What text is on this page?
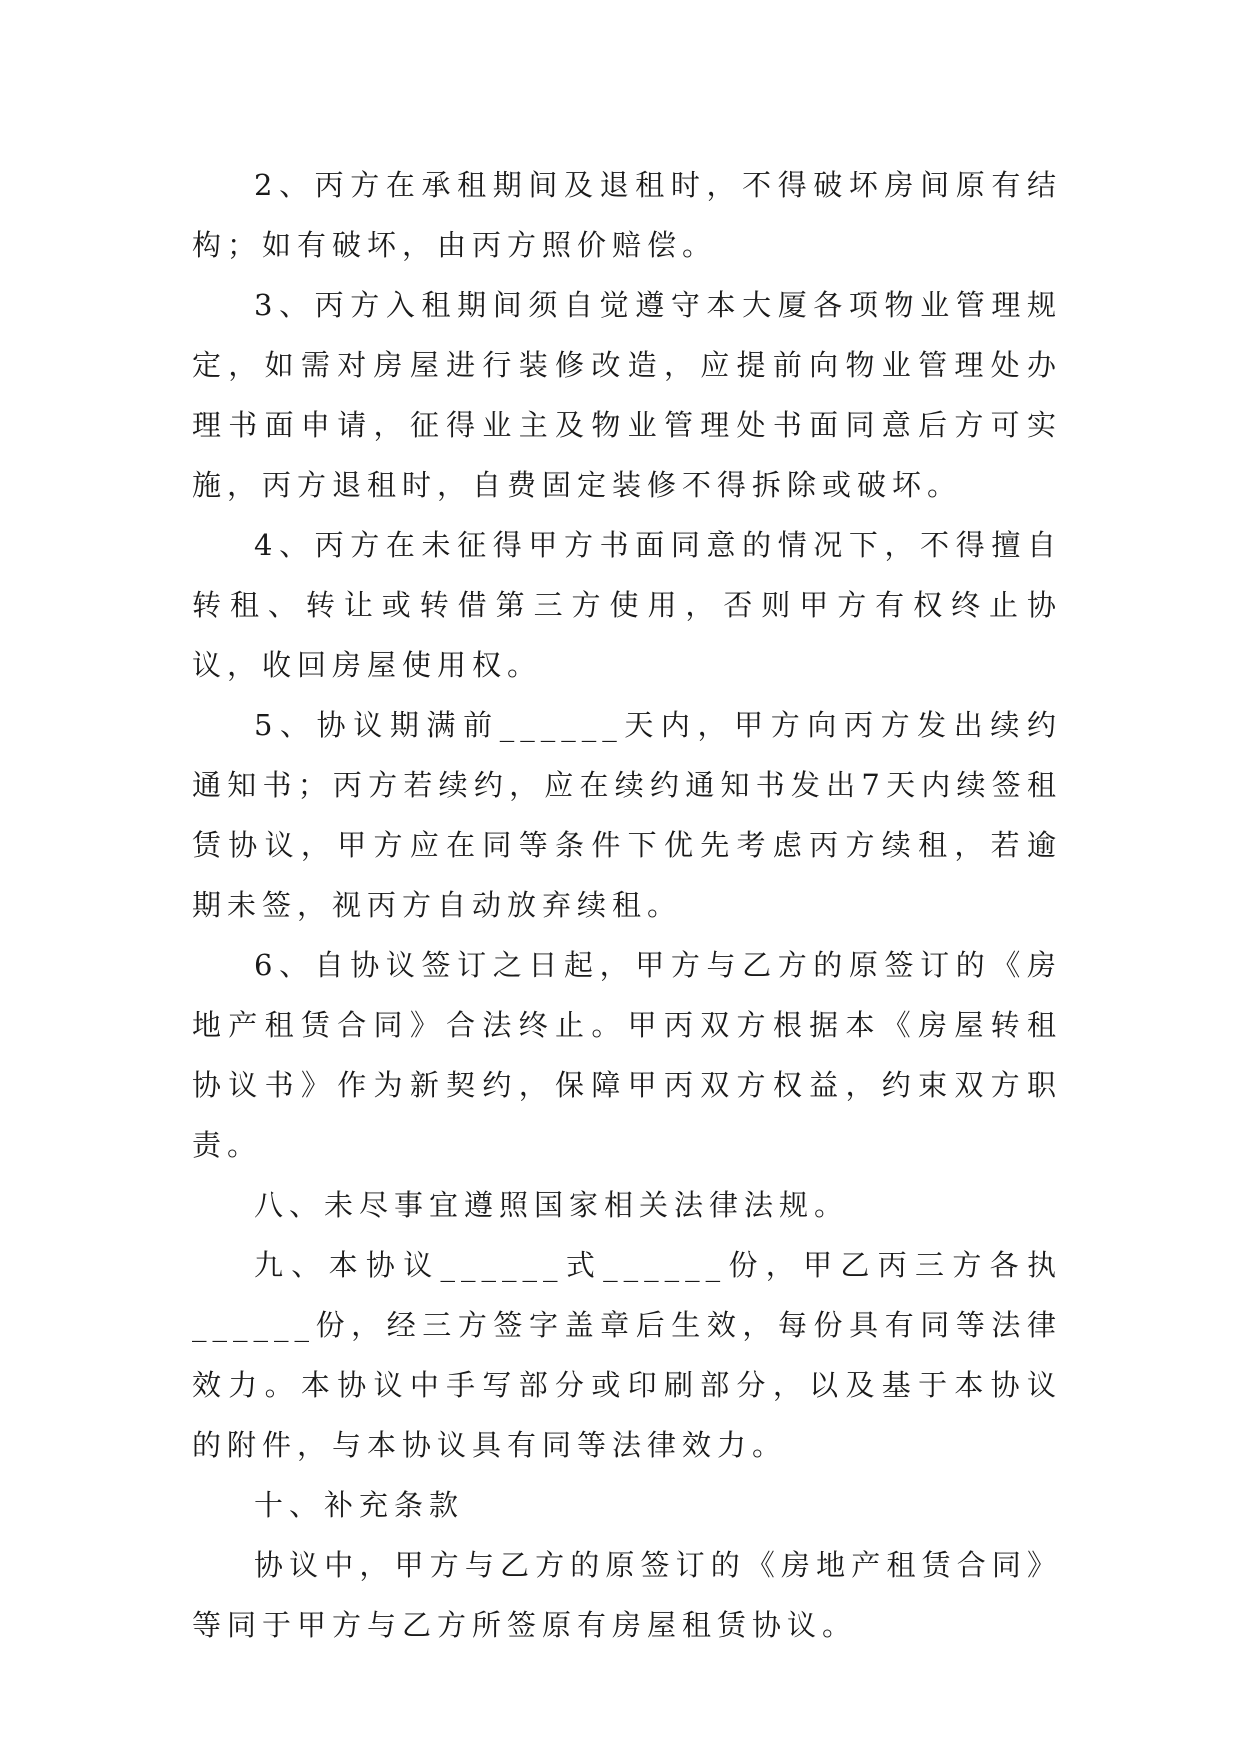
2、丙方在承租期间及退租时，不得破坏房间原有结构；如有破坏，由丙方照价赔偿。

3、丙方入租期间须自觉遵守本大厦各项物业管理规定，如需对房屋进行装修改造，应提前向物业管理处办理书面申请，征得业主及物业管理处书面同意后方可实施，丙方退租时，自费固定装修不得拆除或破坏。

4、丙方在未征得甲方书面同意的情况下，不得擅自转租、转让或转借第三方使用，否则甲方有权终止协议，收回房屋使用权。

5、协议期满前______天内，甲方向丙方发出续约通知书；丙方若续约，应在续约通知书发出7天内续签租赁协议，甲方应在同等条件下优先考虑丙方续租，若逾期未签，视丙方自动放弃续租。

6、自协议签订之日起，甲方与乙方的原签订的《房地产租赁合同》合法终止。甲丙双方根据本《房屋转租协议书》作为新契约，保障甲丙双方权益，约束双方职责。

八、未尽事宜遵照国家相关法律法规。

九、本协议______式______份，甲乙丙三方各执______份，经三方签字盖章后生效，每份具有同等法律效力。本协议中手写部分或印刷部分，以及基于本协议的附件，与本协议具有同等法律效力。

十、补充条款

协议中，甲方与乙方的原签订的《房地产租赁合同》等同于甲方与乙方所签原有房屋租赁协议。
